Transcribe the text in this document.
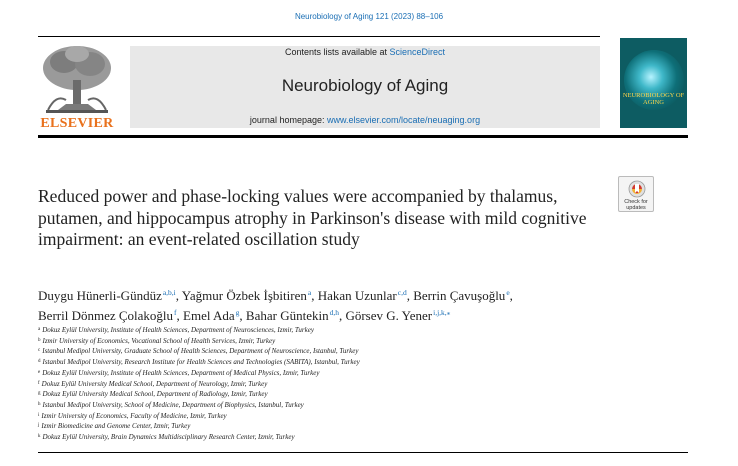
Neurobiology of Aging 121 (2023) 88–106
ELSEVIER
Contents lists available at ScienceDirect
Neurobiology of Aging
journal homepage: www.elsevier.com/locate/neuaging.org
NEUROBIOLOGY OF
AGING
Reduced power and phase-locking values were accompanied by thalamus, putamen, and hippocampus atrophy in Parkinson's disease with mild cognitive impairment: an event-related oscillation study
Check for
updates
Duygu Hünerli-Gündüz$^{a,b,i}$, Yağmur Özbek İşbitiren$^a$, Hakan Uzunlar$^{c,d}$, Berrin Çavuşoğlu$^e$,
Berril Dönmez Çolakoğlu$^f$, Emel Ada$^g$, Bahar Güntekin$^{d,h}$, Görsev G. Yener$^{i,j,k,⁎}$
$^a$ Dokuz Eylül University, Institute of Health Sciences, Department of Neurosciences, Izmir, Turkey
$^b$ Izmir University of Economics, Vocational School of Health Services, Izmir, Turkey
$^c$ Istanbul Medipol University, Graduate School of Health Sciences, Department of Neuroscience, Istanbul, Turkey
$^d$ Istanbul Medipol University, Research Institute for Health Sciences and Technologies (SABITA), Istanbul, Turkey
$^e$ Dokuz Eylül University, Institute of Health Sciences, Department of Medical Physics, Izmir, Turkey
$^f$ Dokuz Eylül University Medical School, Department of Neurology, Izmir, Turkey
$^g$ Dokuz Eylül University Medical School, Department of Radiology, Izmir, Turkey
$^h$ Istanbul Medipol University, School of Medicine, Department of Biophysics, Istanbul, Turkey
$^i$ Izmir University of Economics, Faculty of Medicine, Izmir, Turkey
$^j$ Izmir Biomedicine and Genome Center, Izmir, Turkey
$^k$ Dokuz Eylül University, Brain Dynamics Multidisciplinary Research Center, Izmir, Turkey
